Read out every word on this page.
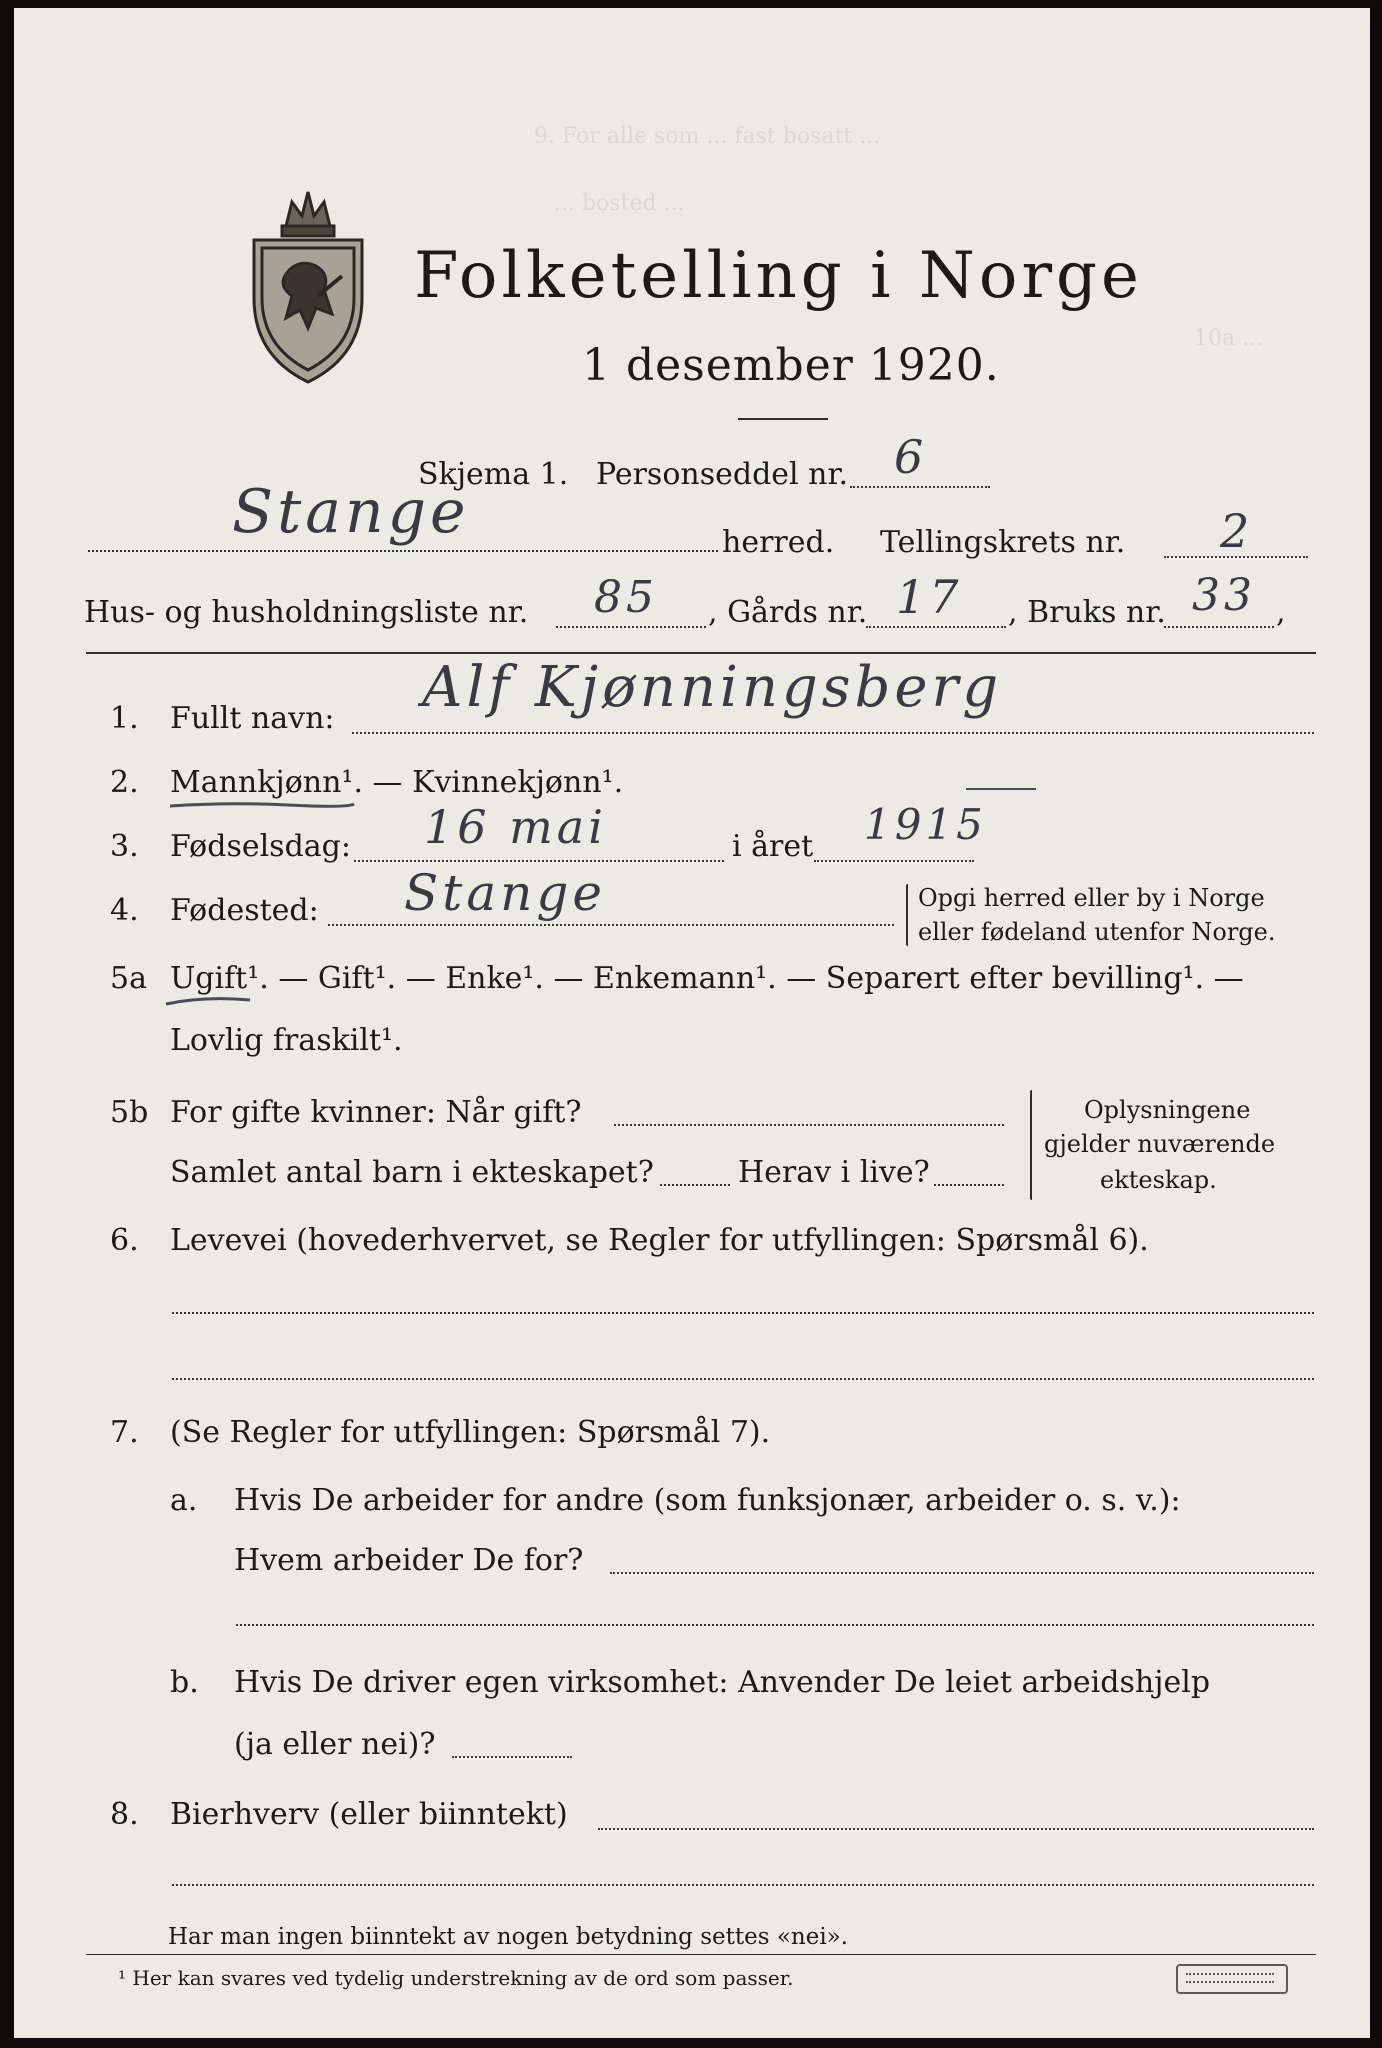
9. For alle som ... fast bosatt ...
... bosted ...
10a ...
Folketelling i Norge
1 desember 1920.
Skjema 1. Personseddel nr. 6
Stange	herred. Tellingskrets nr. 2
Hus- og husholdningsliste nr. 85 , Gårds nr. 17 , Bruks nr. 33 ,
1. Fullt navn: Alf Kjønningsberg
2. Mannkjønn¹. — Kvinnekjønn¹.
3. Fødselsdag: 16 mai	i året 1915
4. Fødested: Stange	Opgi herred eller by i Norge
eller fødeland utenfor Norge.
5a Ugift¹. — Gift¹. — Enke¹. — Enkemann¹. — Separert efter bevilling¹. —
Lovlig fraskilt¹.
5b For gifte kvinner: Når gift?
Samlet antal barn i ekteskapet?	Herav i live?
Oplysningene
gjelder nuværende
ekteskap.
6. Levevei (hovederhvervet, se Regler for utfyllingen: Spørsmål 6).
7. (Se Regler for utfyllingen: Spørsmål 7).
a. Hvis De arbeider for andre (som funksjonær, arbeider o. s. v.):
Hvem arbeider De for?
b. Hvis De driver egen virksomhet: Anvender De leiet arbeidshjelp
(ja eller nei)?
8. Bierhverv (eller biinntekt)
Har man ingen biinntekt av nogen betydning settes «nei».
¹ Her kan svares ved tydelig understrekning av de ord som passer.
